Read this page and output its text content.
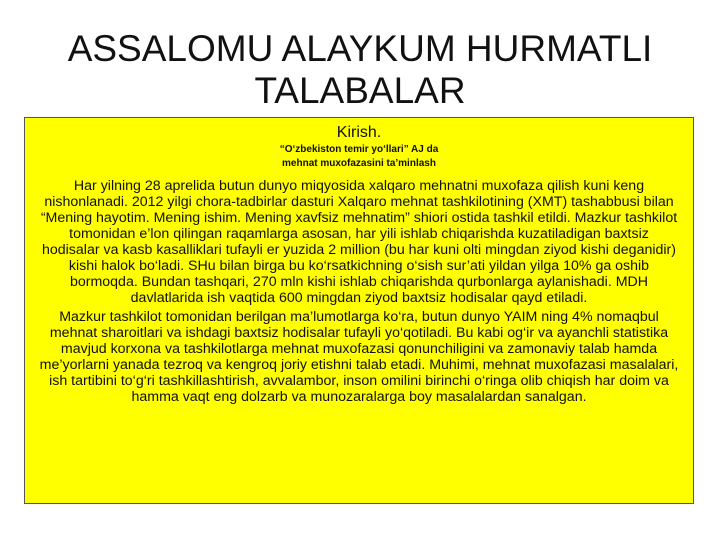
ASSALOMU ALAYKUM HURMATLI TALABALAR
Kirish.
“O‘zbekiston temir yo‘llari” AJ da
mehnat muxofazasini ta’minlash

Har yilning 28 aprelida butun dunyo miqyosida xalqaro mehnatni muxofaza qilish kuni keng nishonlanadi. 2012 yilgi chora-tadbirlar dasturi Xalqaro mehnat tashkilotining (XMT) tashabbusi bilan “Mening hayotim. Mening ishim. Mening xavfsiz mehnatim” shiori ostida tashkil etildi. Mazkur tashkilot tomonidan e’lon qilingan raqamlarga asosan, har yili ishlab chiqarishda kuzatiladigan baxtsiz hodisalar va kasb kasalliklari tufayli er yuzida 2 million (bu har kuni olti mingdan ziyod kishi deganidir) kishi halok bo‘ladi. SHu bilan birga bu ko‘rsatkichning o‘sish sur’ati yildan yilga 10% ga oshib bormoqda. Bundan tashqari, 270 mln kishi ishlab chiqarishda qurbonlarga aylanishadi. MDH davlatlarida ish vaqtida 600 mingdan ziyod baxtsiz hodisalar qayd etiladi.

Mazkur tashkilot tomonidan berilgan ma’lumotlarga ko‘ra, butun dunyo YAIM ning 4% nomaqbul mehnat sharoitlari va ishdagi baxtsiz hodisalar tufayli yo‘qotiladi. Bu kabi og‘ir va ayanchli statistika mavjud korxona va tashkilotlarga mehnat muxofazasi qonunchiligini va zamonaviy talab hamda me’yorlarni yanada tezroq va kengroq joriy etishni talab etadi. Muhimi, mehnat muxofazasi masalalari, ish tartibini to‘g‘ri tashkillashtirish, avvalambor, inson omilini birinchi o‘ringa olib chiqish har doim va hamma vaqt eng dolzarb va munozaralarga boy masalalardan sanalgan.
